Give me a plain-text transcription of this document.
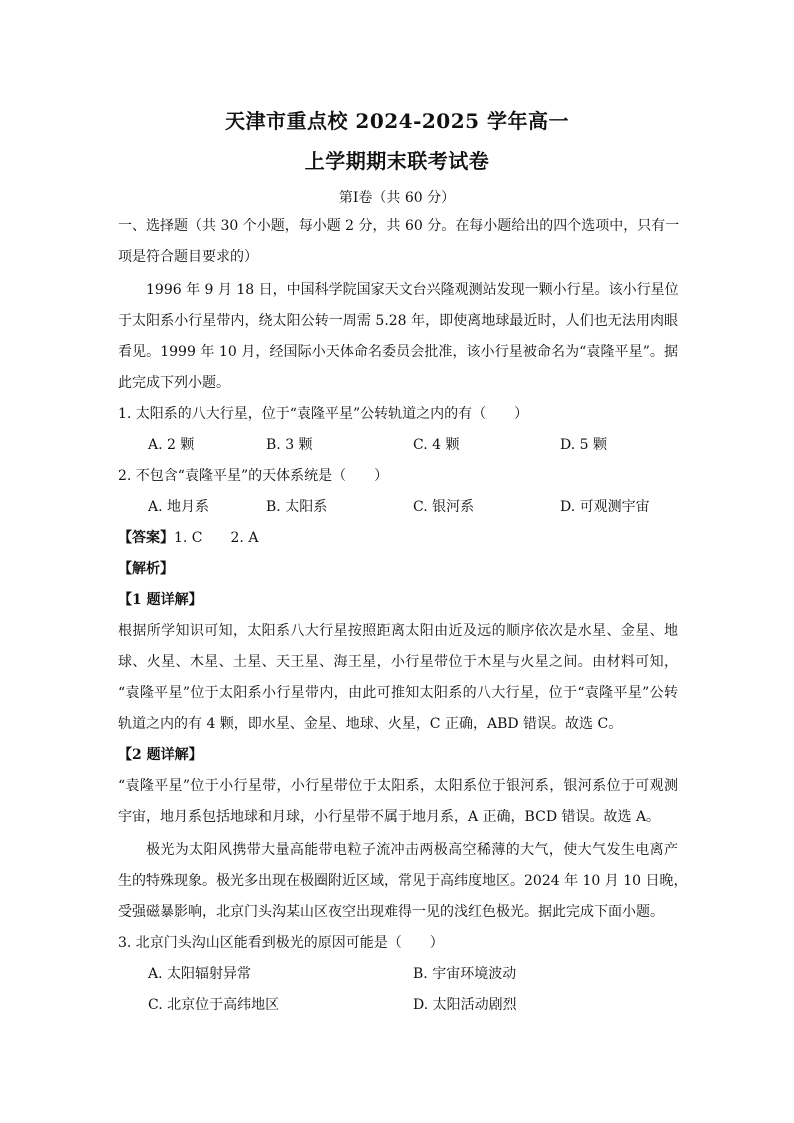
天津市重点校 2024-2025 学年高一
上学期期末联考试卷
第Ⅰ卷（共 60 分）
一、选择题（共 30 个小题，每小题 2 分，共 60 分。在每小题给出的四个选项中，只有一
项是符合题目要求的）
1996 年 9 月 18 日，中国科学院国家天文台兴隆观测站发现一颗小行星。该小行星位
于太阳系小行星带内，绕太阳公转一周需 5.28 年，即使离地球最近时，人们也无法用肉眼
看见。1999 年 10 月，经国际小天体命名委员会批准，该小行星被命名为“袁隆平星”。据
此完成下列小题。
1. 太阳系的八大行星，位于“袁隆平星”公转轨道之内的有（　　）
A. 2 颗	B. 3 颗	C. 4 颗	D. 5 颗
2. 不包含“袁隆平星”的天体系统是（　　）
A. 地月系	B. 太阳系	C. 银河系	D. 可观测宇宙
【答案】1. C　　2. A
【解析】
【1 题详解】
根据所学知识可知，太阳系八大行星按照距离太阳由近及远的顺序依次是水星、金星、地
球、火星、木星、土星、天王星、海王星，小行星带位于木星与火星之间。由材料可知，
“袁隆平星”位于太阳系小行星带内，由此可推知太阳系的八大行星，位于“袁隆平星”公转
轨道之内的有 4 颗，即水星、金星、地球、火星，C 正确，ABD 错误。故选 C。
【2 题详解】
“袁隆平星”位于小行星带，小行星带位于太阳系，太阳系位于银河系，银河系位于可观测
宇宙，地月系包括地球和月球，小行星带不属于地月系，A 正确，BCD 错误。故选 A。
极光为太阳风携带大量高能带电粒子流冲击两极高空稀薄的大气，使大气发生电离产
生的特殊现象。极光多出现在极圈附近区域，常见于高纬度地区。2024 年 10 月 10 日晚，
受强磁暴影响，北京门头沟某山区夜空出现难得一见的浅红色极光。据此完成下面小题。
3. 北京门头沟山区能看到极光的原因可能是（　　）
A. 太阳辐射异常	B. 宇宙环境波动
C. 北京位于高纬地区	D. 太阳活动剧烈
